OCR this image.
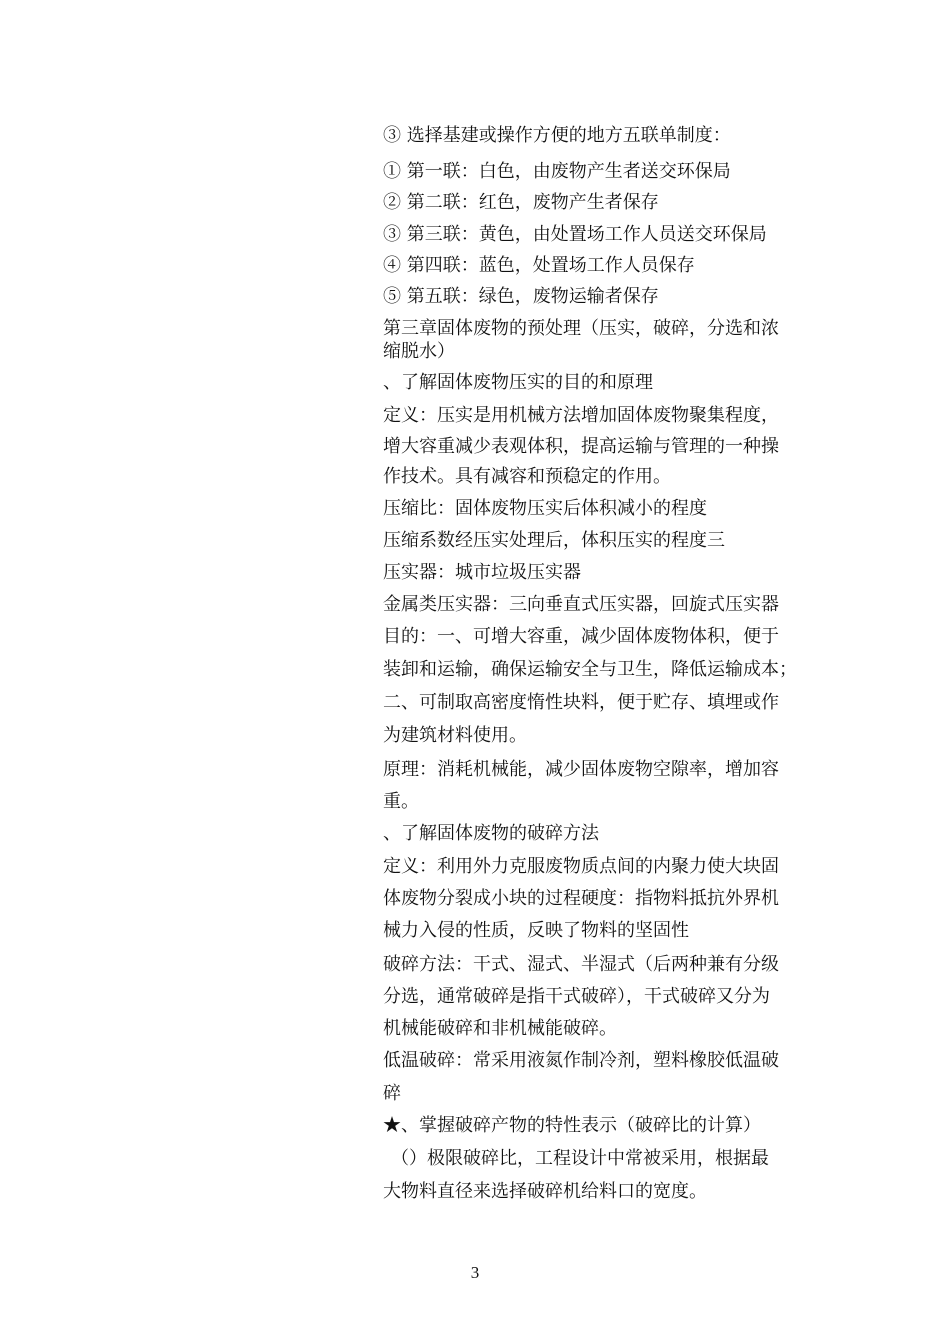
③ 选择基建或操作方便的地方五联单制度：
① 第一联：白色，由废物产生者送交环保局
② 第二联：红色，废物产生者保存
③ 第三联：黄色，由处置场工作人员送交环保局
④ 第四联：蓝色，处置场工作人员保存
⑤ 第五联：绿色，废物运输者保存
第三章固体废物的预处理（压实，破碎，分选和浓
缩脱水）
、了解固体废物压实的目的和原理
定义：压实是用机械方法增加固体废物聚集程度，
增大容重减少表观体积，提高运输与管理的一种操
作技术。具有减容和预稳定的作用。
压缩比：固体废物压实后体积减小的程度
压缩系数经压实处理后，体积压实的程度三
压实器：城市垃圾压实器
金属类压实器：三向垂直式压实器，回旋式压实器
目的：一、可增大容重，减少固体废物体积，便于
装卸和运输，确保运输安全与卫生，降低运输成本；
二、可制取高密度惰性块料，便于贮存、填埋或作
为建筑材料使用。
原理：消耗机械能，减少固体废物空隙率，增加容
重。
、了解固体废物的破碎方法
定义：利用外力克服废物质点间的内聚力使大块固
体废物分裂成小块的过程硬度：指物料抵抗外界机
械力入侵的性质，反映了物料的坚固性
破碎方法：干式、湿式、半湿式（后两种兼有分级
分选，通常破碎是指干式破碎），干式破碎又分为
机械能破碎和非机械能破碎。
低温破碎：常采用液氮作制冷剂，塑料橡胶低温破
碎
★、掌握破碎产物的特性表示（破碎比的计算）
（）极限破碎比，工程设计中常被采用，根据最
大物料直径来选择破碎机给料口的宽度。
3
